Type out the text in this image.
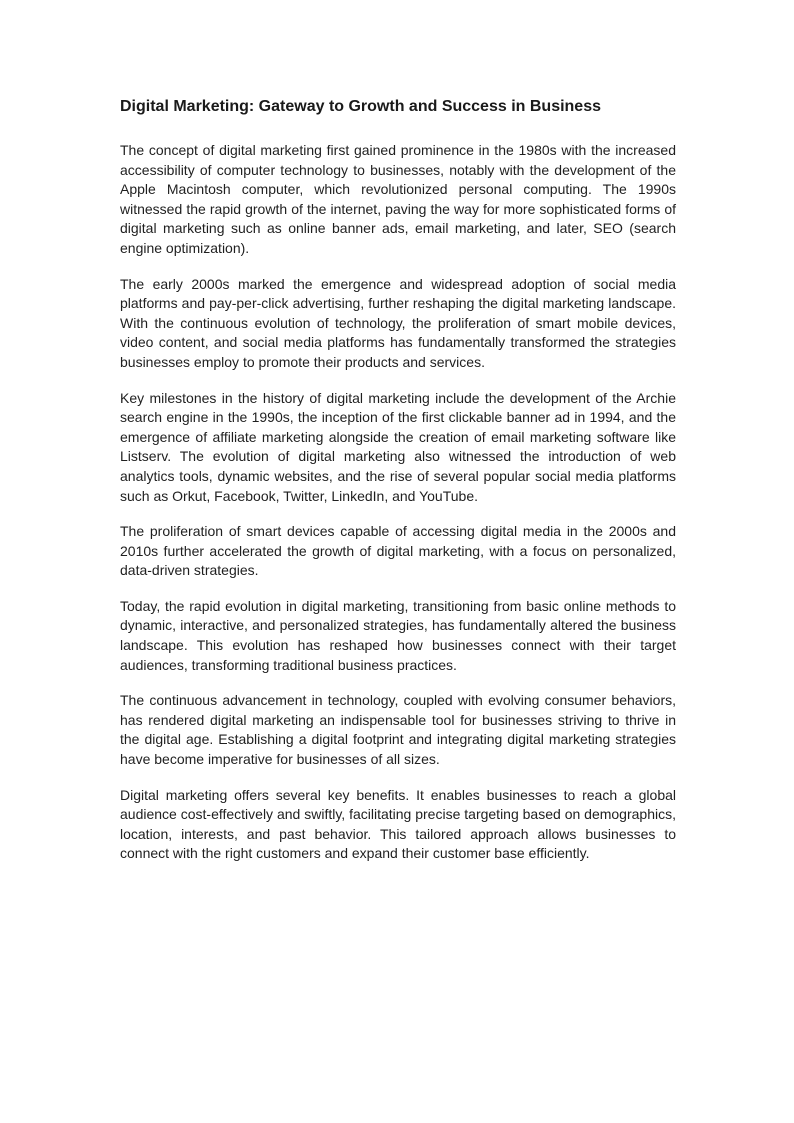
Digital Marketing: Gateway to Growth and Success in Business

The concept of digital marketing first gained prominence in the 1980s with the increased accessibility of computer technology to businesses, notably with the development of the Apple Macintosh computer, which revolutionized personal computing. The 1990s witnessed the rapid growth of the internet, paving the way for more sophisticated forms of digital marketing such as online banner ads, email marketing, and later, SEO (search engine optimization).

The early 2000s marked the emergence and widespread adoption of social media platforms and pay-per-click advertising, further reshaping the digital marketing landscape. With the continuous evolution of technology, the proliferation of smart mobile devices, video content, and social media platforms has fundamentally transformed the strategies businesses employ to promote their products and services.

Key milestones in the history of digital marketing include the development of the Archie search engine in the 1990s, the inception of the first clickable banner ad in 1994, and the emergence of affiliate marketing alongside the creation of email marketing software like Listserv. The evolution of digital marketing also witnessed the introduction of web analytics tools, dynamic websites, and the rise of several popular social media platforms such as Orkut, Facebook, Twitter, LinkedIn, and YouTube.

The proliferation of smart devices capable of accessing digital media in the 2000s and 2010s further accelerated the growth of digital marketing, with a focus on personalized, data-driven strategies.

Today, the rapid evolution in digital marketing, transitioning from basic online methods to dynamic, interactive, and personalized strategies, has fundamentally altered the business landscape. This evolution has reshaped how businesses connect with their target audiences, transforming traditional business practices.

The continuous advancement in technology, coupled with evolving consumer behaviors, has rendered digital marketing an indispensable tool for businesses striving to thrive in the digital age. Establishing a digital footprint and integrating digital marketing strategies have become imperative for businesses of all sizes.

Digital marketing offers several key benefits. It enables businesses to reach a global audience cost-effectively and swiftly, facilitating precise targeting based on demographics, location, interests, and past behavior. This tailored approach allows businesses to connect with the right customers and expand their customer base efficiently.
